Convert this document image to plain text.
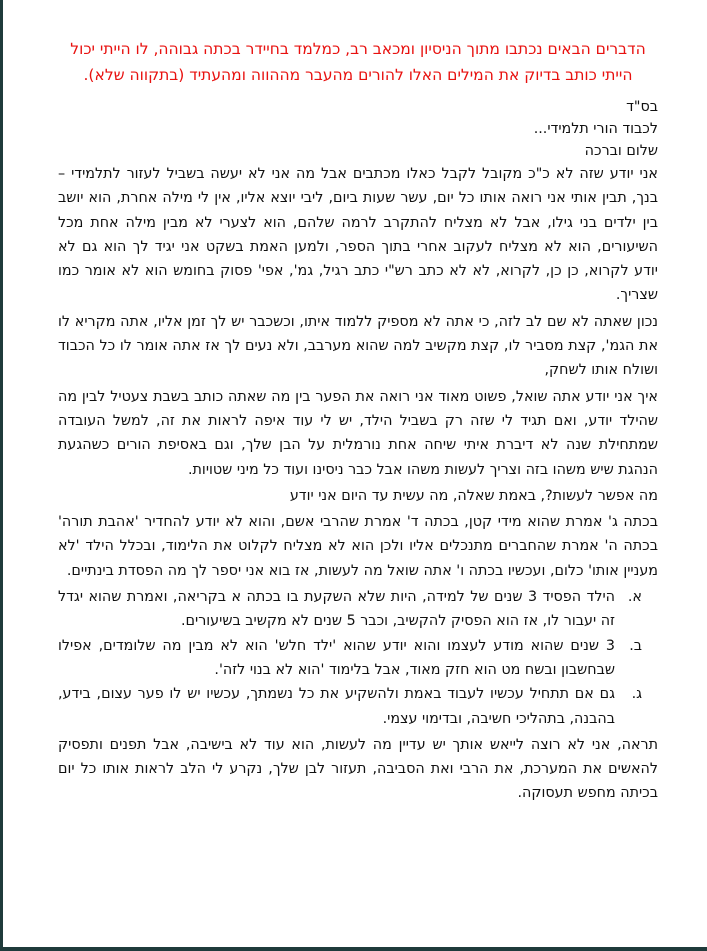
הדברים הבאים נכתבו מתוך הניסיון ומכאב רב, כמלמד בחיידר בכתה גבוהה, לו הייתי יכול הייתי כותב בדיוק את המילים האלו להורים מהעבר מההווה ומהעתיד (בתקווה שלא).

בס"ד

לכבוד הורי תלמידי...

שלום וברכה

אני יודע שזה לא כ"כ מקובל לקבל כאלו מכתבים אבל מה אני לא יעשה בשביל לעזור לתלמידי – בנך, תבין אותי אני רואה אותו כל יום, עשר שעות ביום, ליבי יוצא אליו, אין לי מילה אחרת, הוא יושב בין ילדים בני גילו, אבל לא מצליח להתקרב לרמה שלהם, הוא לצערי לא מבין מילה אחת מכל השיעורים, הוא לא מצליח לעקוב אחרי בתוך הספר, ולמען האמת בשקט אני יגיד לך הוא גם לא יודע לקרוא, כן כן, לקרוא, לא לא כתב רש"י כתב רגיל, גמ', אפי' פסוק בחומש הוא לא אומר כמו שצריך.

נכון שאתה לא שם לב לזה, כי אתה לא מספיק ללמוד איתו, וכשכבר יש לך זמן אליו, אתה מקריא לו את הגמ', קצת מסביר לו, קצת מקשיב למה שהוא מערבב, ולא נעים לך אז אתה אומר לו כל הכבוד ושולח אותו לשחק,

איך אני יודע אתה שואל, פשוט מאוד אני רואה את הפער בין מה שאתה כותב בשבת צעטיל לבין מה שהילד יודע, ואם תגיד לי שזה רק בשביל הילד, יש לי עוד איפה לראות את זה, למשל העובדה שמתחילת שנה לא דיברת איתי שיחה אחת נורמלית על הבן שלך, וגם באסיפת הורים כשהגעת הנהגת שיש משהו בזה וצריך לעשות משהו אבל כבר ניסינו ועוד כל מיני שטויות.

מה אפשר לעשות?, באמת שאלה, מה עשית עד היום אני יודע

בכתה ג' אמרת שהוא מידי קטן, בכתה ד' אמרת שהרבי אשם, והוא לא יודע להחדיר 'אהבת תורה' בכתה ה' אמרת שהחברים מתנכלים אליו ולכן הוא לא מצליח לקלוט את הלימוד, ובכלל הילד 'לא מעניין אותו' כלום, ועכשיו בכתה ו' אתה שואל מה לעשות, אז בוא אני יספר לך מה הפסדת בינתיים.

א.
הילד הפסיד 3 שנים של למידה, היות שלא השקעת בו בכתה א בקריאה, ואמרת שהוא יגדל זה יעבור לו, אז הוא הפסיק להקשיב, וכבר 5 שנים לא מקשיב בשיעורים.
ב.
3 שנים שהוא מודע לעצמו והוא יודע שהוא 'ילד חלש' הוא לא מבין מה שלומדים, אפילו שבחשבון ובשח מט הוא חזק מאוד, אבל בלימוד 'הוא לא בנוי לזה'.
ג.
גם אם תתחיל עכשיו לעבוד באמת ולהשקיע את כל נשמתך, עכשיו יש לו פער עצום, בידע, בהבנה, בתהליכי חשיבה, ובדימוי עצמי.

תראה, אני לא רוצה לייאש אותך יש עדיין מה לעשות, הוא עוד לא בישיבה, אבל תפנים ותפסיק להאשים את המערכת, את הרבי ואת הסביבה, תעזור לבן שלך, נקרע לי הלב לראות אותו כל יום בכיתה מחפש תעסוקה.
